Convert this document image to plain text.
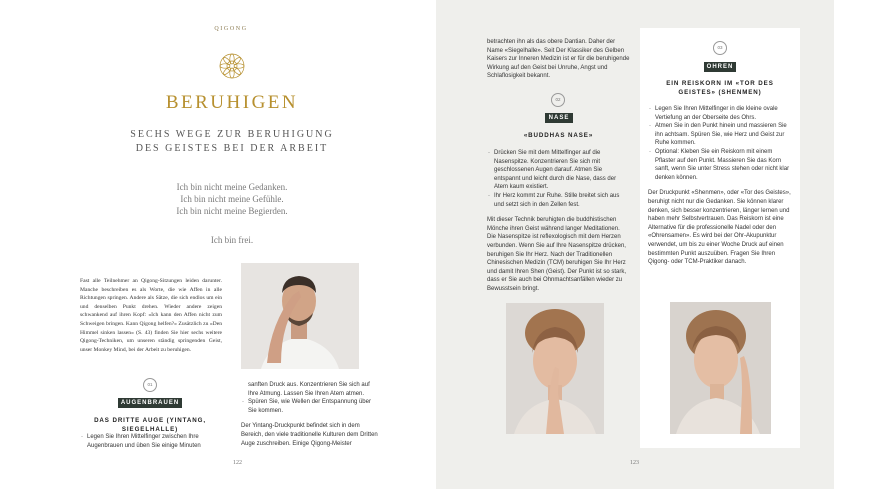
QIGONG
BERUHIGEN
SECHS WEGE ZUR BERUHIGUNG
DES GEISTES BEI DER ARBEIT

Ich bin nicht meine Gedanken.

Ich bin nicht meine Gefühle.

Ich bin nicht meine Begierden.

Ich bin frei.

Fast alle Teilnehmer an Qigong-Sitzungen leiden darunter. Manche beschreiben es als Worte, die wie Affen in alle Richtungen springen. Andere als Sätze, die sich endlos um ein und denselben Punkt drehen. Wieder andere zeigen schwankend auf ihren Kopf: «Ich kann den Affen nicht zum Schweigen bringen. Kann Qigong helfen?» Zusätzlich zu «Den Himmel sinken lassen» (S. 43) finden Sie hier sechs weitere Qigong-Techniken, um unseren ständig springenden Geist, unser Monkey Mind, bei der Arbeit zu beruhigen.
01
AUGENBRAUEN
DAS DRITTE AUGE (YINTANG, SIEGELHALLE)
· Legen Sie Ihren Mittelfinger zwischen Ihre Augenbrauen und üben Sie einige Minuten

sanften Druck aus. Konzentrieren Sie sich auf Ihre Atmung. Lassen Sie Ihren Atem atmen.

· Spüren Sie, wie Wellen der Entspannung über Sie kommen.

Der Yintang-Druckpunkt befindet sich in dem Bereich, den viele traditionelle Kulturen dem Dritten Auge zuschreiben. Einige Qigong-Meister

122
betrachten ihn als das obere Dantian. Daher der Name «Siegelhalle». Seit Der Klassiker des Gelben Kaisers zur Inneren Medizin ist er für die beruhigende Wirkung auf den Geist bei Unruhe, Angst und Schlaflosigkeit bekannt.
02
NASE
«BUDDHAS NASE»
· Drücken Sie mit dem Mittelfinger auf die Nasenspitze. Konzentrieren Sie sich mit geschlossenen Augen darauf. Atmen Sie entspannt und leicht durch die Nase, dass der Atem kaum existiert.
· Ihr Herz kommt zur Ruhe. Stille breitet sich aus und setzt sich in den Zellen fest.

Mit dieser Technik beruhigten die buddhistischen Mönche ihren Geist während langer Meditationen. Die Nasenspitze ist reflexologisch mit dem Herzen verbunden. Wenn Sie auf Ihre Nasenspitze drücken, beruhigen Sie Ihr Herz. Nach der Traditionellen Chinesischen Medizin (TCM) beruhigen Sie Ihr Herz und damit Ihren Shen (Geist). Der Punkt ist so stark, dass er Sie auch bei Ohnmachtsanfällen wieder zu Bewusstsein bringt.

03
OHREN
EIN REISKORN IM «TOR DES GEISTES» (SHENMEN)
· Legen Sie Ihren Mittelfinger in die kleine ovale Vertiefung an der Oberseite des Ohrs.
· Atmen Sie in den Punkt hinein und massieren Sie ihn achtsam. Spüren Sie, wie Herz und Geist zur Ruhe kommen.
· Optional: Kleben Sie ein Reiskorn mit einem Pflaster auf den Punkt. Massieren Sie das Korn sanft, wenn Sie unter Stress stehen oder nicht klar denken können.

Der Druckpunkt «Shenmen», oder «Tor des Geistes», beruhigt nicht nur die Gedanken. Sie können klarer denken, sich besser konzentrieren, länger lernen und haben mehr Selbstvertrauen. Das Reiskorn ist eine Alternative für die professionelle Nadel oder den «Ohrensamen». Es wird bei der Ohr-Akupunktur verwendet, um bis zu einer Woche Druck auf einen bestimmten Punkt auszuüben. Fragen Sie Ihren Qigong- oder TCM-Praktiker danach.

123
